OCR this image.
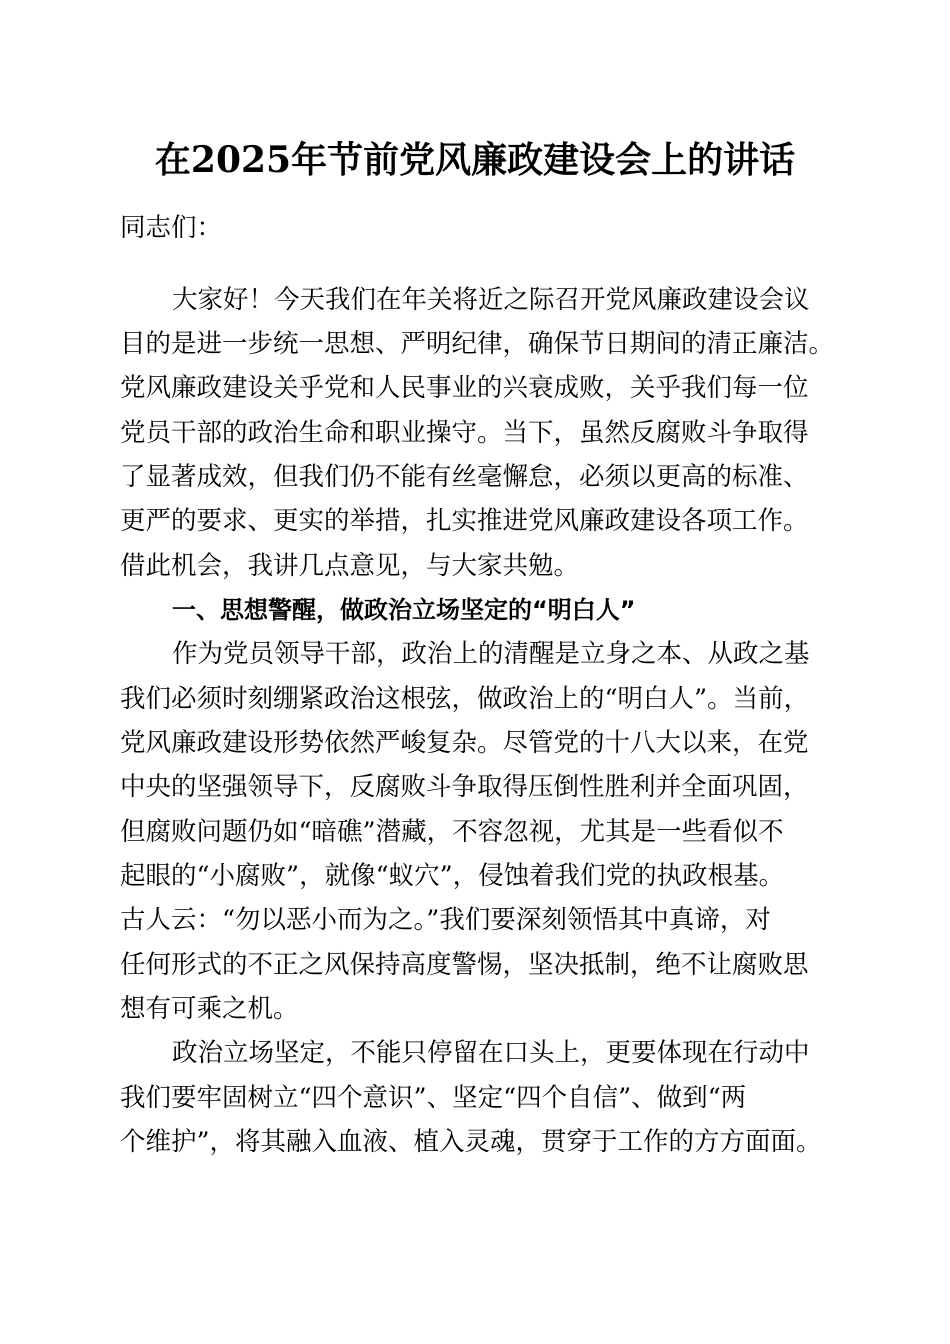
在2025年节前党风廉政建设会上的讲话
同志们：
大家好！今天我们在年关将近之际召开党风廉政建设会议
目的是进一步统一思想、严明纪律，确保节日期间的清正廉洁。
党风廉政建设关乎党和人民事业的兴衰成败，关乎我们每一位
党员干部的政治生命和职业操守。当下，虽然反腐败斗争取得
了显著成效，但我们仍不能有丝毫懈怠，必须以更高的标准、
更严的要求、更实的举措，扎实推进党风廉政建设各项工作。
借此机会，我讲几点意见，与大家共勉。
一、思想警醒，做政治立场坚定的“明白人”
作为党员领导干部，政治上的清醒是立身之本、从政之基
我们必须时刻绷紧政治这根弦，做政治上的“明白人”。当前，
党风廉政建设形势依然严峻复杂。尽管党的十八大以来，在党
中央的坚强领导下，反腐败斗争取得压倒性胜利并全面巩固，
但腐败问题仍如“暗礁”潜藏，不容忽视，尤其是一些看似不
起眼的“小腐败”，就像“蚁穴”，侵蚀着我们党的执政根基。
古人云：“勿以恶小而为之。”我们要深刻领悟其中真谛，对
任何形式的不正之风保持高度警惕，坚决抵制，绝不让腐败思
想有可乘之机。
政治立场坚定，不能只停留在口头上，更要体现在行动中
我们要牢固树立“四个意识”、坚定“四个自信”、做到“两
个维护”，将其融入血液、植入灵魂，贯穿于工作的方方面面。
